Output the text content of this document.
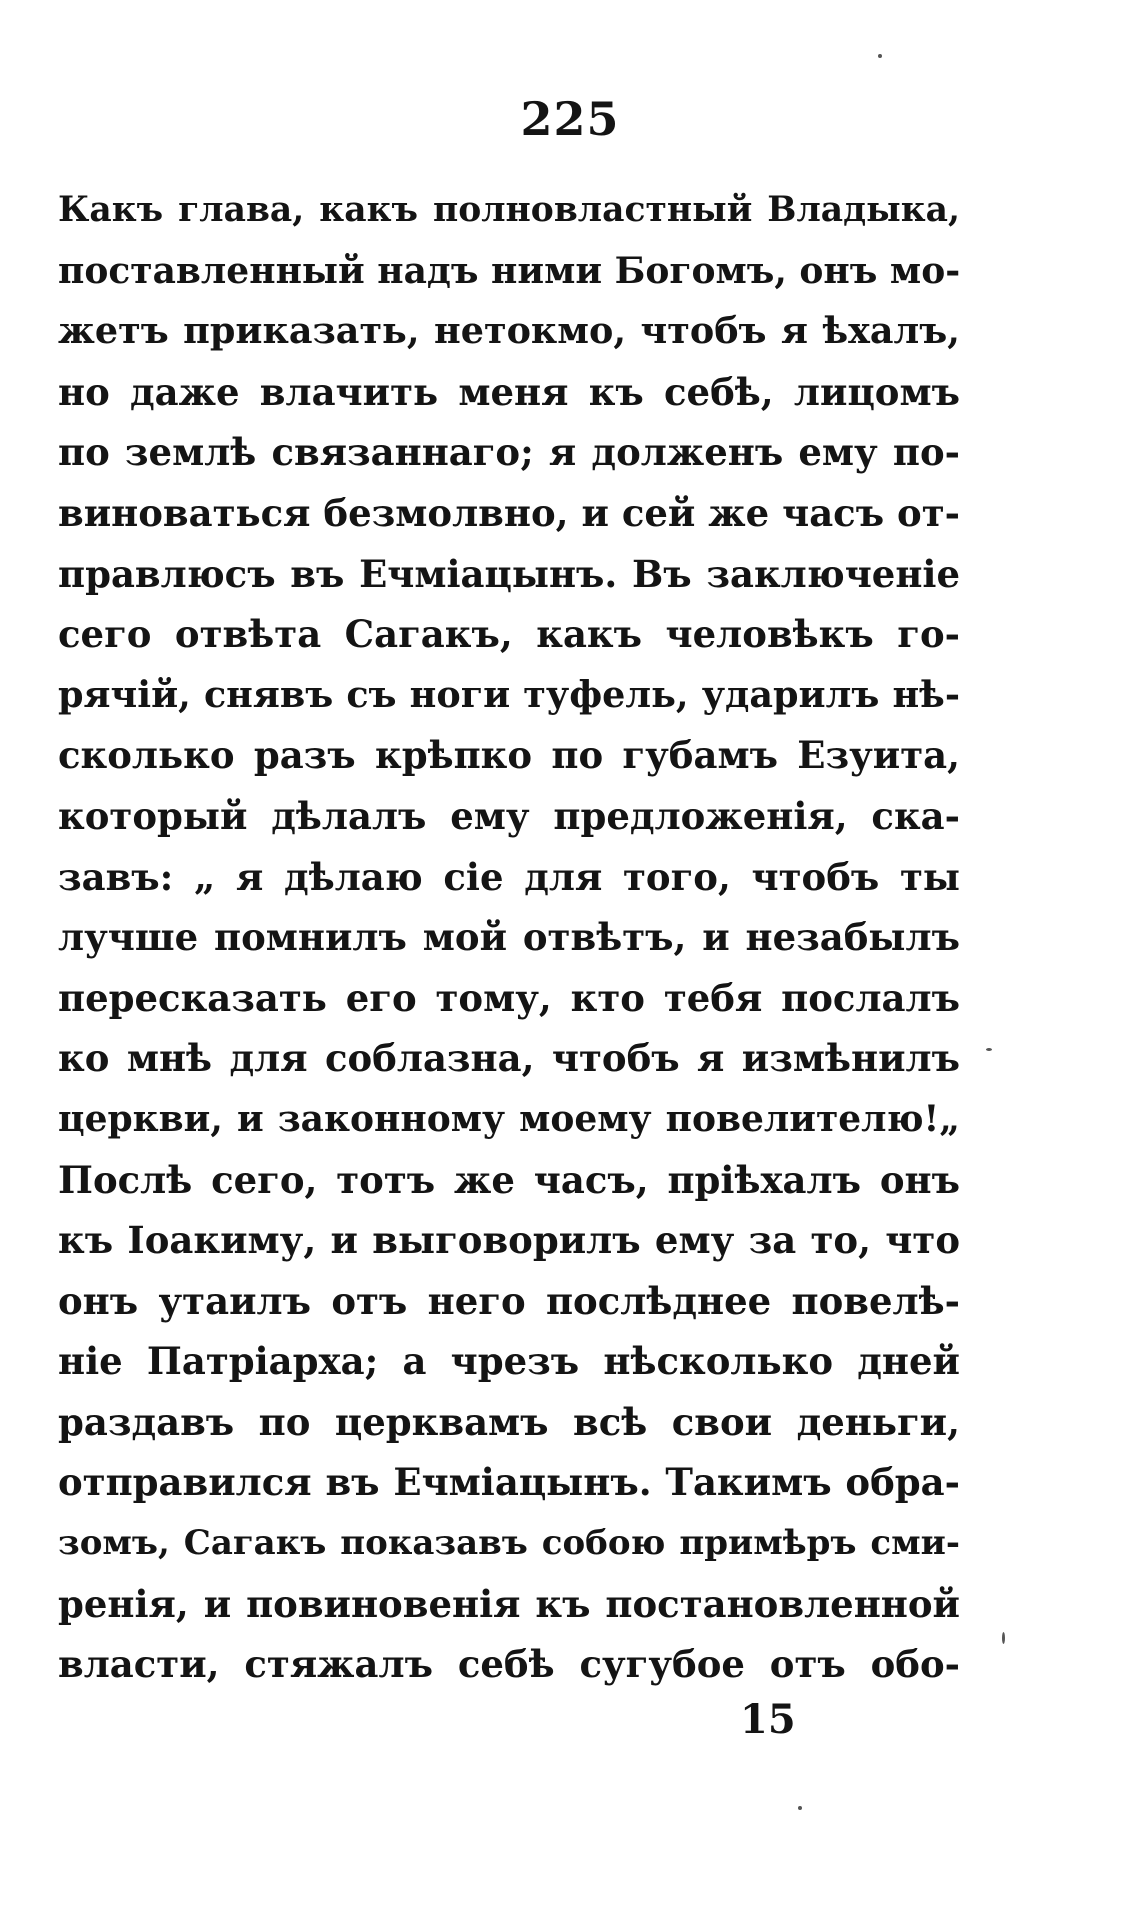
225
Какъ глава, какъ полновластный Владыка,
поставленный надъ ними Богомъ, онъ мо-
жетъ приказать, нетокмо, чтобъ я ѣхалъ,
но даже влачить меня къ себѣ, лицомъ
по землѣ связаннаго; я долженъ ему по-
виноваться безмолвно, и сей же часъ от-
правлюсъ въ Ечміацынъ. Въ заключеніе
сего отвѣта Сагакъ, какъ человѣкъ го-
рячій, снявъ съ ноги туфель, ударилъ нѣ-
сколько разъ крѣпко по губамъ Езуита,
который дѣлалъ ему предложенія, ска-
завъ: „ я дѣлаю сіе для того, чтобъ ты
лучше помнилъ мой отвѣтъ, и незабылъ
пересказать его тому, кто тебя послалъ
ко мнѣ для соблазна, чтобъ я измѣнилъ
церкви, и законному моему повелителю!„
Послѣ сего, тотъ же часъ, пріѣхалъ онъ
къ Іоакиму, и выговорилъ ему за то, что
онъ утаилъ отъ него послѣднее повелѣ-
ніе Патріарха; а чрезъ нѣсколько дней
раздавъ по церквамъ всѣ свои деньги,
отправился въ Ечміацынъ. Такимъ обра-
зомъ, Сагакъ показавъ собою примѣръ сми-
ренія, и повиновенія къ постановленной
власти, стяжалъ себѣ сугубое отъ обо-
15
